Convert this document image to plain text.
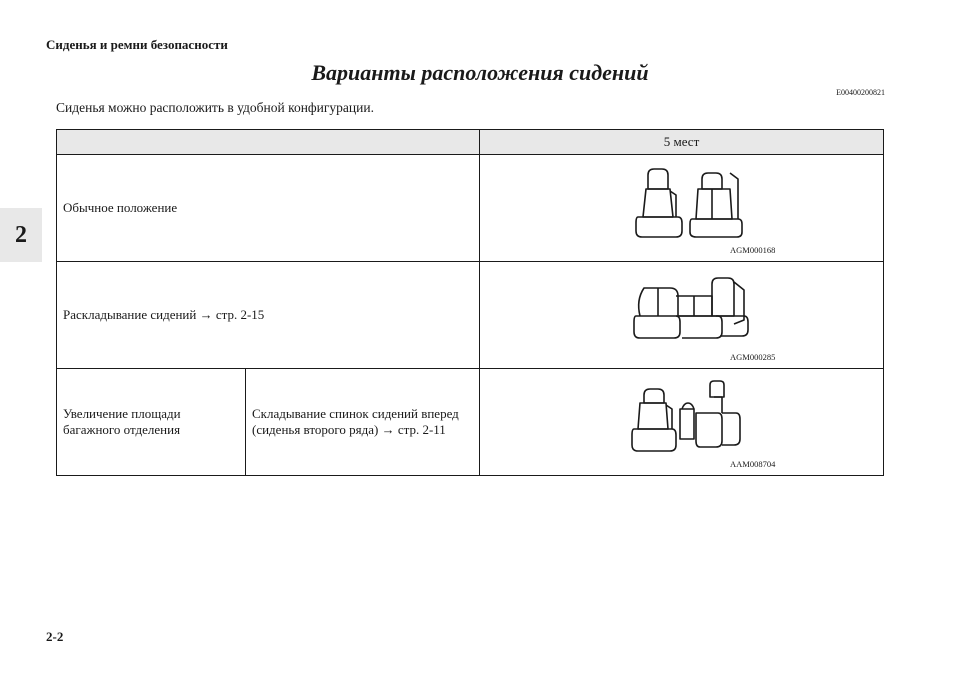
Сиденья и ремни безопасности
Варианты расположения сидений
E00400200821
Сиденья можно расположить в удобной конфигурации.
2
		5 мест
Обычное положение		AGM000168

Раскладывание сидений → стр. 2-15		AGM000285

Увеличение площади багажного отделения	Складывание спинок сидений вперед (сиденья второго ряда) → стр. 2-11	AAM008704
2-2
